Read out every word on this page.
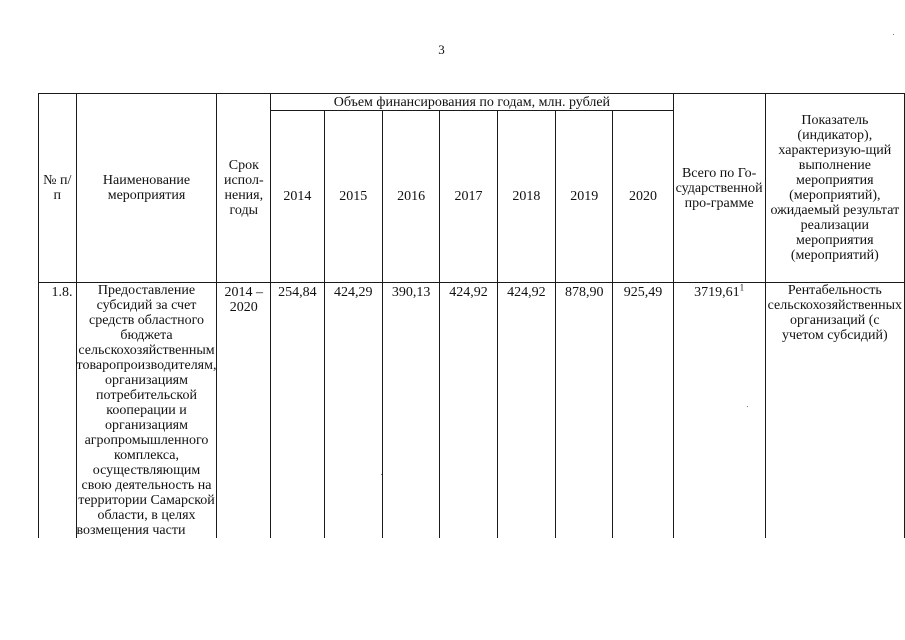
3
№ п/п	Наименование мероприятия	Срок испол-нения, годы	Объем финансирования по годам, млн. рублей							Всего по Го-сударственной про-грамме	Показатель (индикатор), характеризую-щий выполнение мероприятия (мероприятий), ожидаемый результат реализации мероприятия (мероприятий)

			2014	2015	2016	2017	2018	2019	2020		

1.8.	Предоставление субсидий за счет средств областного бюджета сельскохозяйственным товаропроизводителям, организациям потребительской кооперации и организациям агропромышленного комплекса, осуществляющим свою деятельность на территории Самарской области, в целях возмещения части	2014 – 2020	254,84	424,29	390,13	424,92	424,92	878,90	925,49	3719,61$^1$	Рентабельность сельскохозяйственных организаций (с учетом субсидий)
